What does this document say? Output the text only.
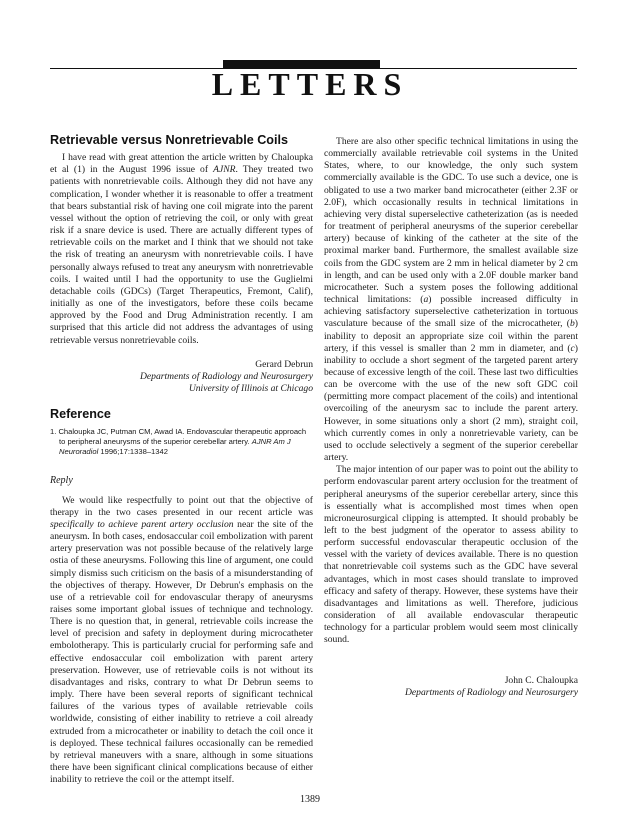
LETTERS
Retrievable versus Nonretrievable Coils

I have read with great attention the article written by Chaloupka et al (1) in the August 1996 issue of AJNR. They treated two patients with nonretrievable coils. Although they did not have any complication, I wonder whether it is reasonable to offer a treatment that bears substantial risk of having one coil migrate into the parent vessel without the option of retrieving the coil, or only with great risk if a snare device is used. There are actually different types of retrievable coils on the market and I think that we should not take the risk of treating an aneurysm with nonretrievable coils. I have personally always refused to treat any aneurysm with nonretrievable coils. I waited until I had the opportunity to use the Guglielmi detachable coils (GDCs) (Target Therapeutics, Fremont, Calif), initially as one of the investigators, before these coils became approved by the Food and Drug Administration recently. I am surprised that this article did not address the advantages of using retrievable versus nonretrievable coils.

Gerard Debrun
Departments of Radiology and Neurosurgery
University of Illinois at Chicago
Reference
1. Chaloupka JC, Putman CM, Awad IA. Endovascular therapeutic approach to peripheral aneurysms of the superior cerebellar artery. AJNR Am J Neuroradiol 1996;17:1338–1342
Reply

We would like respectfully to point out that the objective of therapy in the two cases presented in our recent article was specifically to achieve parent artery occlusion near the site of the aneurysm. In both cases, endosaccular coil embolization with parent artery preservation was not possible because of the relatively large ostia of these aneurysms. Following this line of argument, one could simply dismiss such criticism on the basis of a misunderstanding of the objectives of therapy. However, Dr Debrun's emphasis on the use of a retrievable coil for endovascular therapy of aneurysms raises some important global issues of technique and technology. There is no question that, in general, retrievable coils increase the level of precision and safety in deployment during microcatheter embolotherapy. This is particularly crucial for performing safe and effective endosaccular coil embolization with parent artery preservation. However, use of retrievable coils is not without its disadvantages and risks, contrary to what Dr Debrun seems to imply. There have been several reports of significant technical failures of the various types of available retrievable coils worldwide, consisting of either inability to retrieve a coil already extruded from a microcatheter or inability to detach the coil once it is deployed. These technical failures occasionally can be remedied by retrieval maneuvers with a snare, although in some situations there have been significant clinical complications because of either inability to retrieve the coil or the attempt itself.

There are also other specific technical limitations in using the commercially available retrievable coil systems in the United States, where, to our knowledge, the only such system commercially available is the GDC. To use such a device, one is obligated to use a two marker band microcatheter (either 2.3F or 2.0F), which occasionally results in technical limitations in achieving very distal superselective catheterization (as is needed for treatment of peripheral aneurysms of the superior cerebellar artery) because of kinking of the catheter at the site of the proximal marker band. Furthermore, the smallest available size coils from the GDC system are 2 mm in helical diameter by 2 cm in length, and can be used only with a 2.0F double marker band microcatheter. Such a system poses the following additional technical limitations: (a) possible increased difficulty in achieving satisfactory superselective catheterization in tortuous vasculature because of the small size of the microcatheter, (b) inability to deposit an appropriate size coil within the parent artery, if this vessel is smaller than 2 mm in diameter, and (c) inability to occlude a short segment of the targeted parent artery because of excessive length of the coil. These last two difficulties can be overcome with the use of the new soft GDC coil (permitting more compact placement of the coils) and intentional overcoiling of the aneurysm sac to include the parent artery. However, in some situations only a short (2 mm), straight coil, which currently comes in only a nonretrievable variety, can be used to occlude selectively a segment of the superior cerebellar artery.

The major intention of our paper was to point out the ability to perform endovascular parent artery occlusion for the treatment of peripheral aneurysms of the superior cerebellar artery, since this is essentially what is accomplished most times when open microneurosurgical clipping is attempted. It should probably be left to the best judgment of the operator to assess ability to perform successful endovascular therapeutic occlusion of the vessel with the variety of devices available. There is no question that nonretrievable coil systems such as the GDC have several advantages, which in most cases should translate to improved efficacy and safety of therapy. However, these systems have their disadvantages and limitations as well. Therefore, judicious consideration of all available endovascular therapeutic technology for a particular problem would seem most clinically sound.

John C. Chaloupka
Departments of Radiology and Neurosurgery
1389
